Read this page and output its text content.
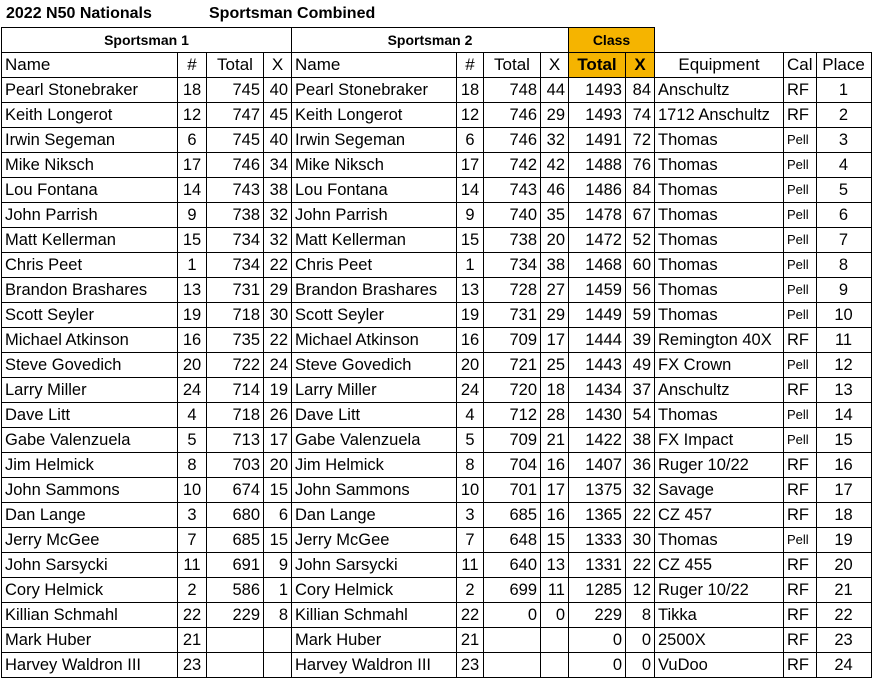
2022 N50 Nationals	Sportsman Combined
Sportsman 1				Sportsman 2				Class				
Name	#	Total	X	Name	#	Total	X	Total	X	Equipment	Cal	Place
Pearl Stonebraker	18	745	40	Pearl Stonebraker	18	748	44	1493	84	Anschultz	RF	1
Keith Longerot	12	747	45	Keith Longerot	12	746	29	1493	74	1712 Anschultz	RF	2
Irwin Segeman	6	745	40	Irwin Segeman	6	746	32	1491	72	Thomas	Pell	3
Mike Niksch	17	746	34	Mike Niksch	17	742	42	1488	76	Thomas	Pell	4
Lou Fontana	14	743	38	Lou Fontana	14	743	46	1486	84	Thomas	Pell	5
John Parrish	9	738	32	John Parrish	9	740	35	1478	67	Thomas	Pell	6
Matt Kellerman	15	734	32	Matt Kellerman	15	738	20	1472	52	Thomas	Pell	7
Chris Peet	1	734	22	Chris Peet	1	734	38	1468	60	Thomas	Pell	8
Brandon Brashares	13	731	29	Brandon Brashares	13	728	27	1459	56	Thomas	Pell	9
Scott Seyler	19	718	30	Scott Seyler	19	731	29	1449	59	Thomas	Pell	10
Michael Atkinson	16	735	22	Michael Atkinson	16	709	17	1444	39	Remington 40X	RF	11
Steve Govedich	20	722	24	Steve Govedich	20	721	25	1443	49	FX Crown	Pell	12
Larry Miller	24	714	19	Larry Miller	24	720	18	1434	37	Anschultz	RF	13
Dave Litt	4	718	26	Dave Litt	4	712	28	1430	54	Thomas	Pell	14
Gabe Valenzuela	5	713	17	Gabe Valenzuela	5	709	21	1422	38	FX Impact	Pell	15
Jim Helmick	8	703	20	Jim Helmick	8	704	16	1407	36	Ruger 10/22	RF	16
John Sammons	10	674	15	John Sammons	10	701	17	1375	32	Savage	RF	17
Dan Lange	3	680	6	Dan Lange	3	685	16	1365	22	CZ 457	RF	18
Jerry McGee	7	685	15	Jerry McGee	7	648	15	1333	30	Thomas	Pell	19
John Sarsycki	11	691	9	John Sarsycki	11	640	13	1331	22	CZ 455	RF	20
Cory Helmick	2	586	1	Cory Helmick	2	699	11	1285	12	Ruger 10/22	RF	21
Killian Schmahl	22	229	8	Killian Schmahl	22	0	0	229	8	Tikka	RF	22
Mark Huber	21			Mark Huber	21			0	0	2500X	RF	23
Harvey Waldron III	23			Harvey Waldron III	23			0	0	VuDoo	RF	24
